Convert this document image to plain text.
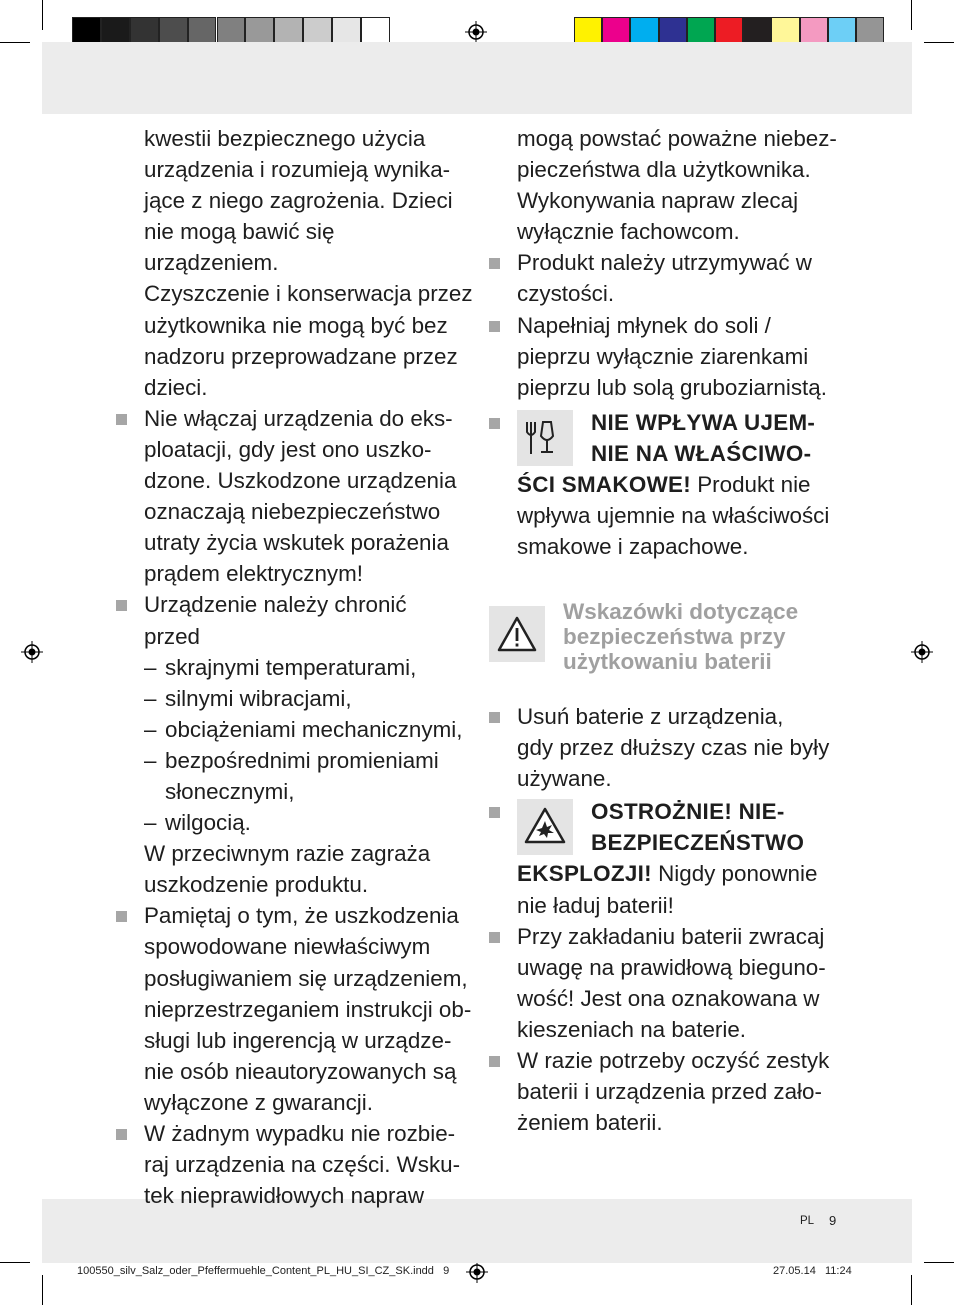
kwestii bezpiecznego użycia
urządzenia i rozumieją wynika-
jące z niego zagrożenia. Dzieci
nie mogą bawić się urządzeniem.
Czyszczenie i konserwacja przez
użytkownika nie mogą być bez
nadzoru przeprowadzane przez
dzieci.
Nie włączaj urządzenia do eks-
ploatacji, gdy jest ono uszko-
dzone. Uszkodzone urządzenia
oznaczają niebezpieczeństwo
utraty życia wskutek porażenia
prądem elektrycznym!
Urządzenie należy chronić
przed
– skrajnymi temperaturami,
– silnymi wibracjami,
– obciążeniami mechanicznymi,
– bezpośrednimi promieniami
słonecznymi,
– wilgocią.
W przeciwnym razie zagraża
uszkodzenie produktu.
Pamiętaj o tym, że uszkodzenia
spowodowane niewłaściwym
posługiwaniem się urządzeniem,
nieprzestrzeganiem instrukcji ob-
sługi lub ingerencją w urządze-
nie osób nieautoryzowanych są
wyłączone z gwarancji.
W żadnym wypadku nie rozbie-
raj urządzenia na części. Wsku-
tek nieprawidłowych napraw
mogą powstać poważne niebez-
pieczeństwa dla użytkownika.
Wykonywania napraw zlecaj
wyłącznie fachowcom.
Produkt należy utrzymywać w
czystości.
Napełniaj młynek do soli /
pieprzu wyłącznie ziarenkami
pieprzu lub solą gruboziarnistą.
NIE WPŁYWA UJEM-
NIE NA WŁAŚCIWO-
ŚCI SMAKOWE! Produkt nie
wpływa ujemnie na właściwości
smakowe i zapachowe.
Wskazówki dotyczące
bezpieczeństwa przy
użytkowaniu baterii
Usuń baterie z urządzenia,
gdy przez dłuższy czas nie były
używane.
OSTROŻNIE! NIE-
BEZPIECZEŃSTWO
EKSPLOZJI! Nigdy ponownie
nie ładuj baterii!
Przy zakładaniu baterii zwracaj
uwagę na prawidłową bieguno-
wość! Jest ona oznakowana w
kieszeniach na baterie.
W razie potrzeby oczyść zestyk
baterii i urządzenia przed zało-
żeniem baterii.
PL 9
100550_silv_Salz_oder_Pfeffermuehle_Content_PL_HU_SI_CZ_SK.indd   9	27.05.14   11:24
